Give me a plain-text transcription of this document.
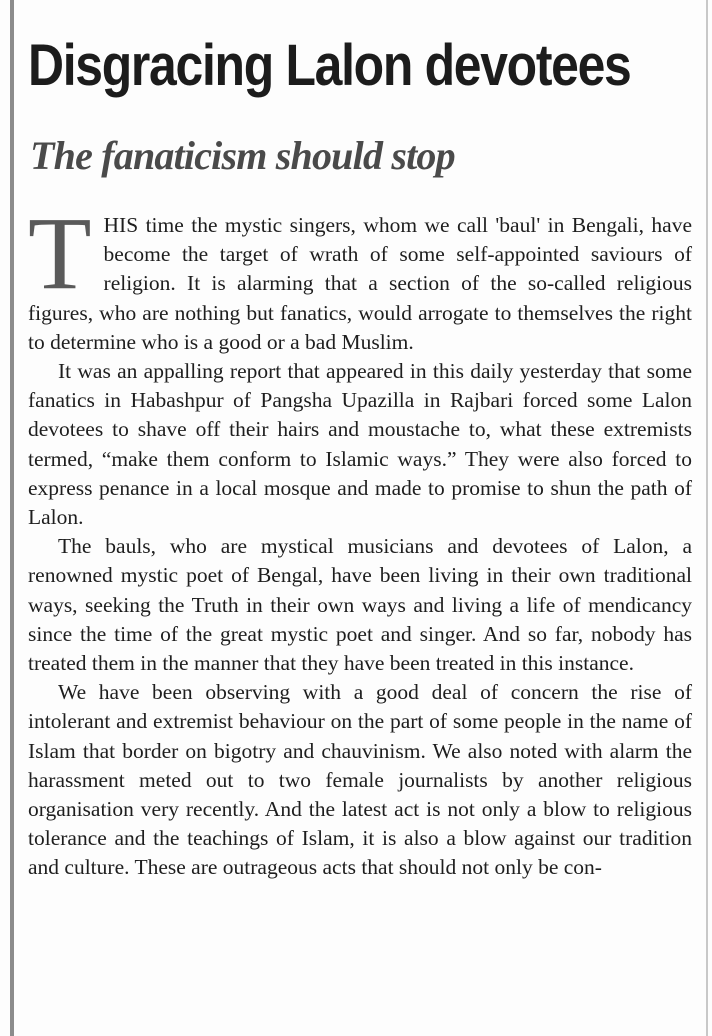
Disgracing Lalon devotees
The fanaticism should stop

THIS time the mystic singers, whom we call 'baul' in Bengali, have become the target of wrath of some self-appointed saviours of religion. It is alarming that a section of the so-called religious figures, who are nothing but fanatics, would arrogate to themselves the right to determine who is a good or a bad Muslim.

It was an appalling report that appeared in this daily yesterday that some fanatics in Habashpur of Pangsha Upazilla in Rajbari forced some Lalon devotees to shave off their hairs and moustache to, what these extremists termed, “make them conform to Islamic ways.” They were also forced to express penance in a local mosque and made to promise to shun the path of Lalon.

The bauls, who are mystical musicians and devotees of Lalon, a renowned mystic poet of Bengal, have been living in their own traditional ways, seeking the Truth in their own ways and living a life of mendicancy since the time of the great mystic poet and singer. And so far, nobody has treated them in the manner that they have been treated in this instance.

We have been observing with a good deal of concern the rise of intolerant and extremist behaviour on the part of some people in the name of Islam that border on bigotry and chauvinism. We also noted with alarm the harassment meted out to two female journalists by another religious organisation very recently. And the latest act is not only a blow to religious tolerance and the teachings of Islam, it is also a blow against our tradition and culture. These are outrageous acts that should not only be con-
